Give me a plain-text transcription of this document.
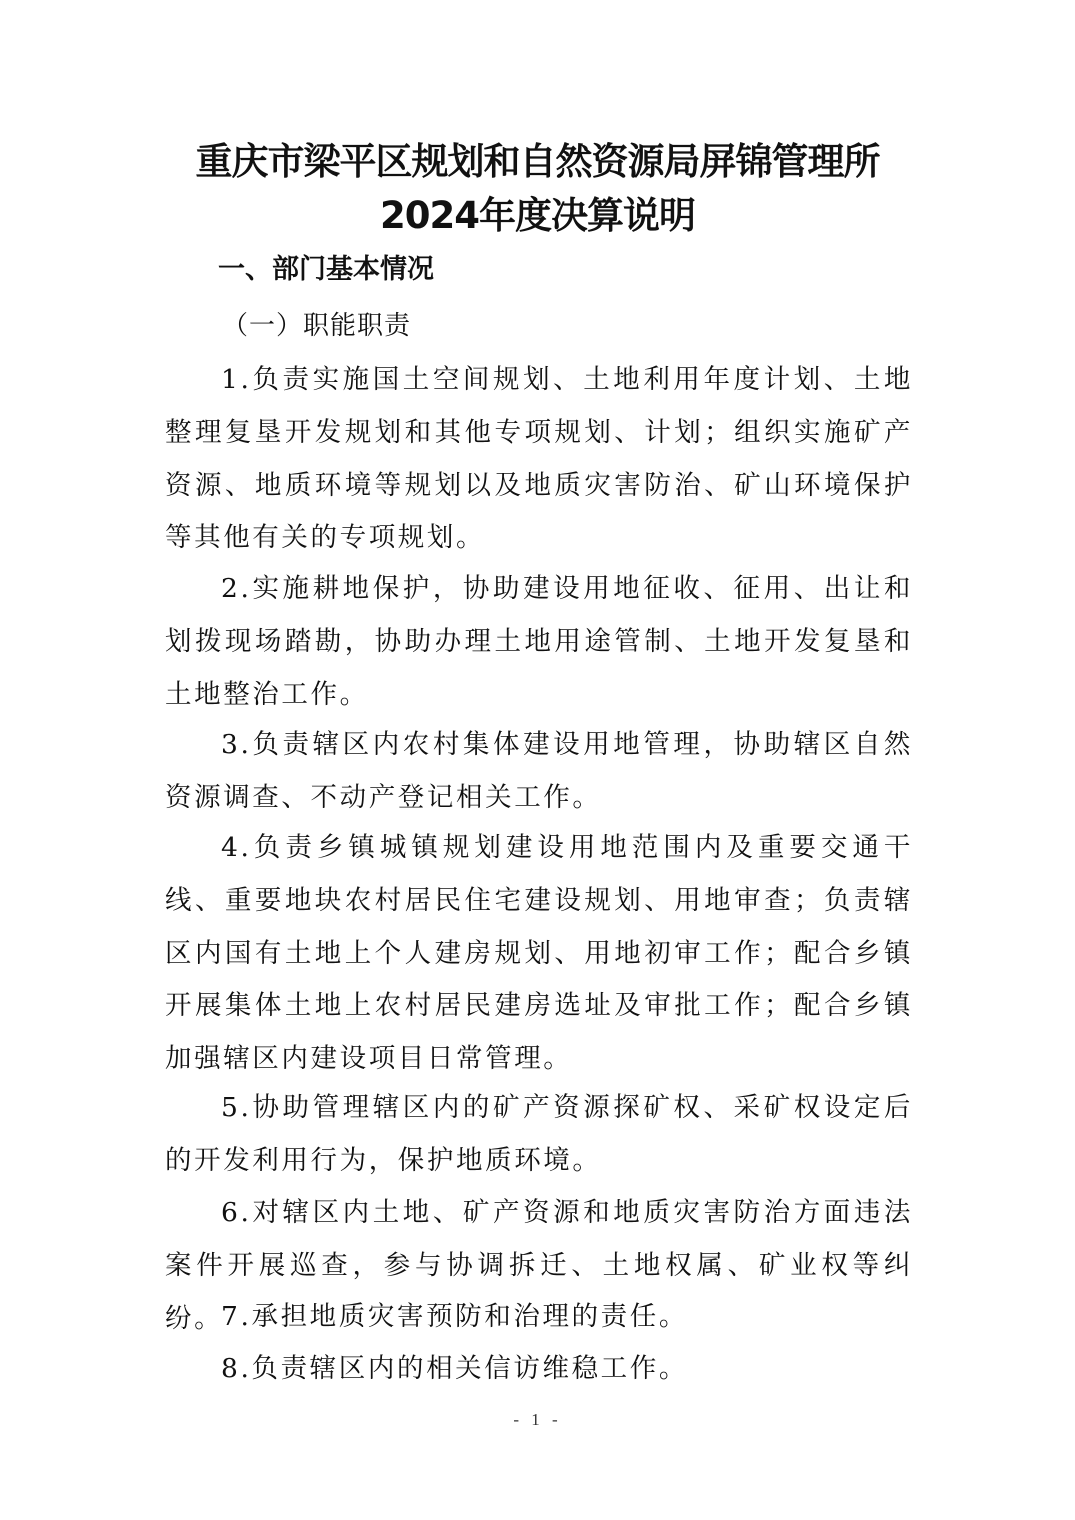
重庆市梁平区规划和自然资源局屏锦管理所
2024年度决算说明
一、部门基本情况
（一）职能职责

1.负责实施国土空间规划、土地利用年度计划、土地整理复垦开发规划和其他专项规划、计划；组织实施矿产资源、地质环境等规划以及地质灾害防治、矿山环境保护等其他有关的专项规划。

2.实施耕地保护，协助建设用地征收、征用、出让和划拨现场踏勘，协助办理土地用途管制、土地开发复垦和土地整治工作。

3.负责辖区内农村集体建设用地管理，协助辖区自然资源调查、不动产登记相关工作。

4.负责乡镇城镇规划建设用地范围内及重要交通干线、重要地块农村居民住宅建设规划、用地审查；负责辖区内国有土地上个人建房规划、用地初审工作；配合乡镇开展集体土地上农村居民建房选址及审批工作；配合乡镇加强辖区内建设项目日常管理。

5.协助管理辖区内的矿产资源探矿权、采矿权设定后的开发利用行为，保护地质环境。

6.对辖区内土地、矿产资源和地质灾害防治方面违法案件开展巡查，参与协调拆迁、土地权属、矿业权等纠纷。

7.承担地质灾害预防和治理的责任。

8.负责辖区内的相关信访维稳工作。

- 1 -
